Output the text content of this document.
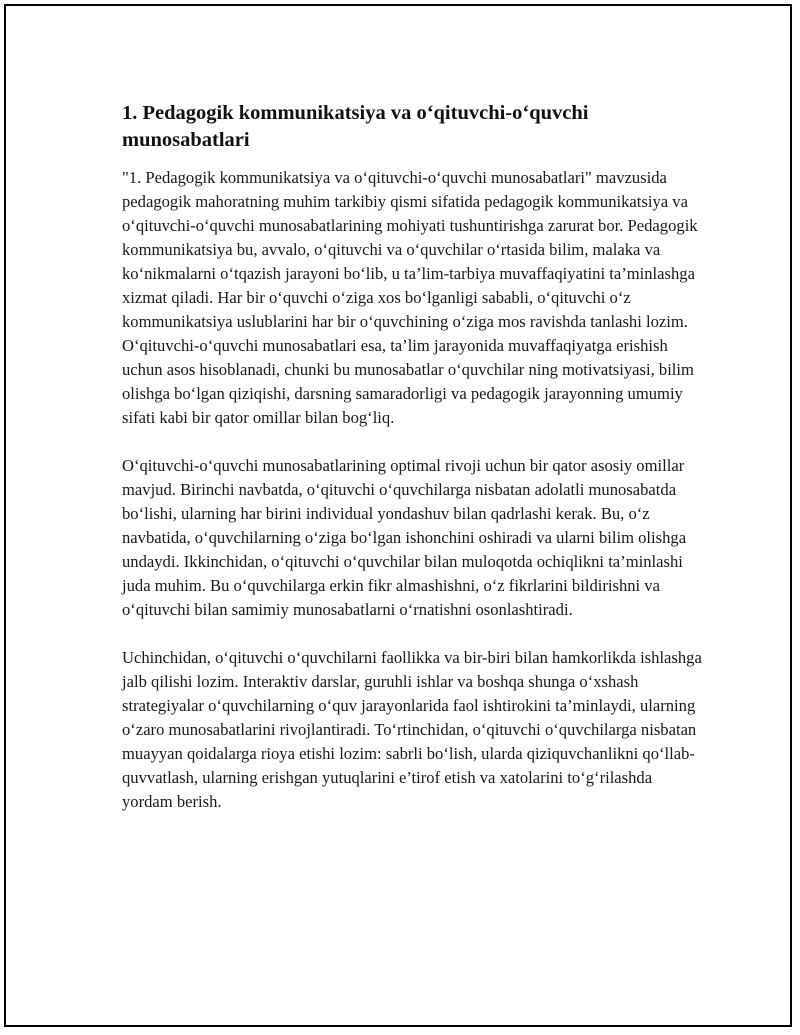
1. Pedagogik kommunikatsiya va o‘qituvchi-o‘quvchi munosabatlari

"1. Pedagogik kommunikatsiya va o‘qituvchi-o‘quvchi munosabatlari" mavzusida pedagogik mahoratning muhim tarkibiy qismi sifatida pedagogik kommunikatsiya va o‘qituvchi-o‘quvchi munosabatlarining mohiyati tushuntirishga zarurat bor. Pedagogik kommunikatsiya bu, avvalo, o‘qituvchi va o‘quvchilar o‘rtasida bilim, malaka va ko‘nikmalarni o‘tqazish jarayoni bo‘lib, u ta’lim-tarbiya muvaffaqiyatini ta’minlashga xizmat qiladi. Har bir o‘quvchi o‘ziga xos bo‘lganligi sababli, o‘qituvchi o‘z kommunikatsiya uslublarini har bir o‘quvchining o‘ziga mos ravishda tanlashi lozim. O‘qituvchi-o‘quvchi munosabatlari esa, ta’lim jarayonida muvaffaqiyatga erishish uchun asos hisoblanadi, chunki bu munosabatlar o‘quvchilar ning motivatsiyasi, bilim olishga bo‘lgan qiziqishi, darsning samaradorligi va pedagogik jarayonning umumiy sifati kabi bir qator omillar bilan bog‘liq.

O‘qituvchi-o‘quvchi munosabatlarining optimal rivoji uchun bir qator asosiy omillar mavjud. Birinchi navbatda, o‘qituvchi o‘quvchilarga nisbatan adolatli munosabatda bo‘lishi, ularning har birini individual yondashuv bilan qadrlashi kerak. Bu, o‘z navbatida, o‘quvchilarning o‘ziga bo‘lgan ishonchini oshiradi va ularni bilim olishga undaydi. Ikkinchidan, o‘qituvchi o‘quvchilar bilan muloqotda ochiqlikni ta’minlashi juda muhim. Bu o‘quvchilarga erkin fikr almashishni, o‘z fikrlarini bildirishni va o‘qituvchi bilan samimiy munosabatlarni o‘rnatishni osonlashtiradi.

Uchinchidan, o‘qituvchi o‘quvchilarni faollikka va bir-biri bilan hamkorlikda ishlashga jalb qilishi lozim. Interaktiv darslar, guruhli ishlar va boshqa shunga o‘xshash strategiyalar o‘quvchilarning o‘quv jarayonlarida faol ishtirokini ta’minlaydi, ularning o‘zaro munosabatlarini rivojlantiradi. To‘rtinchidan, o‘qituvchi o‘quvchilarga nisbatan muayyan qoidalarga rioya etishi lozim: sabrli bo‘lish, ularda qiziquvchanlikni qo‘llab-quvvatlash, ularning erishgan yutuqlarini e’tirof etish va xatolarini to‘g‘rilashda yordam berish.
